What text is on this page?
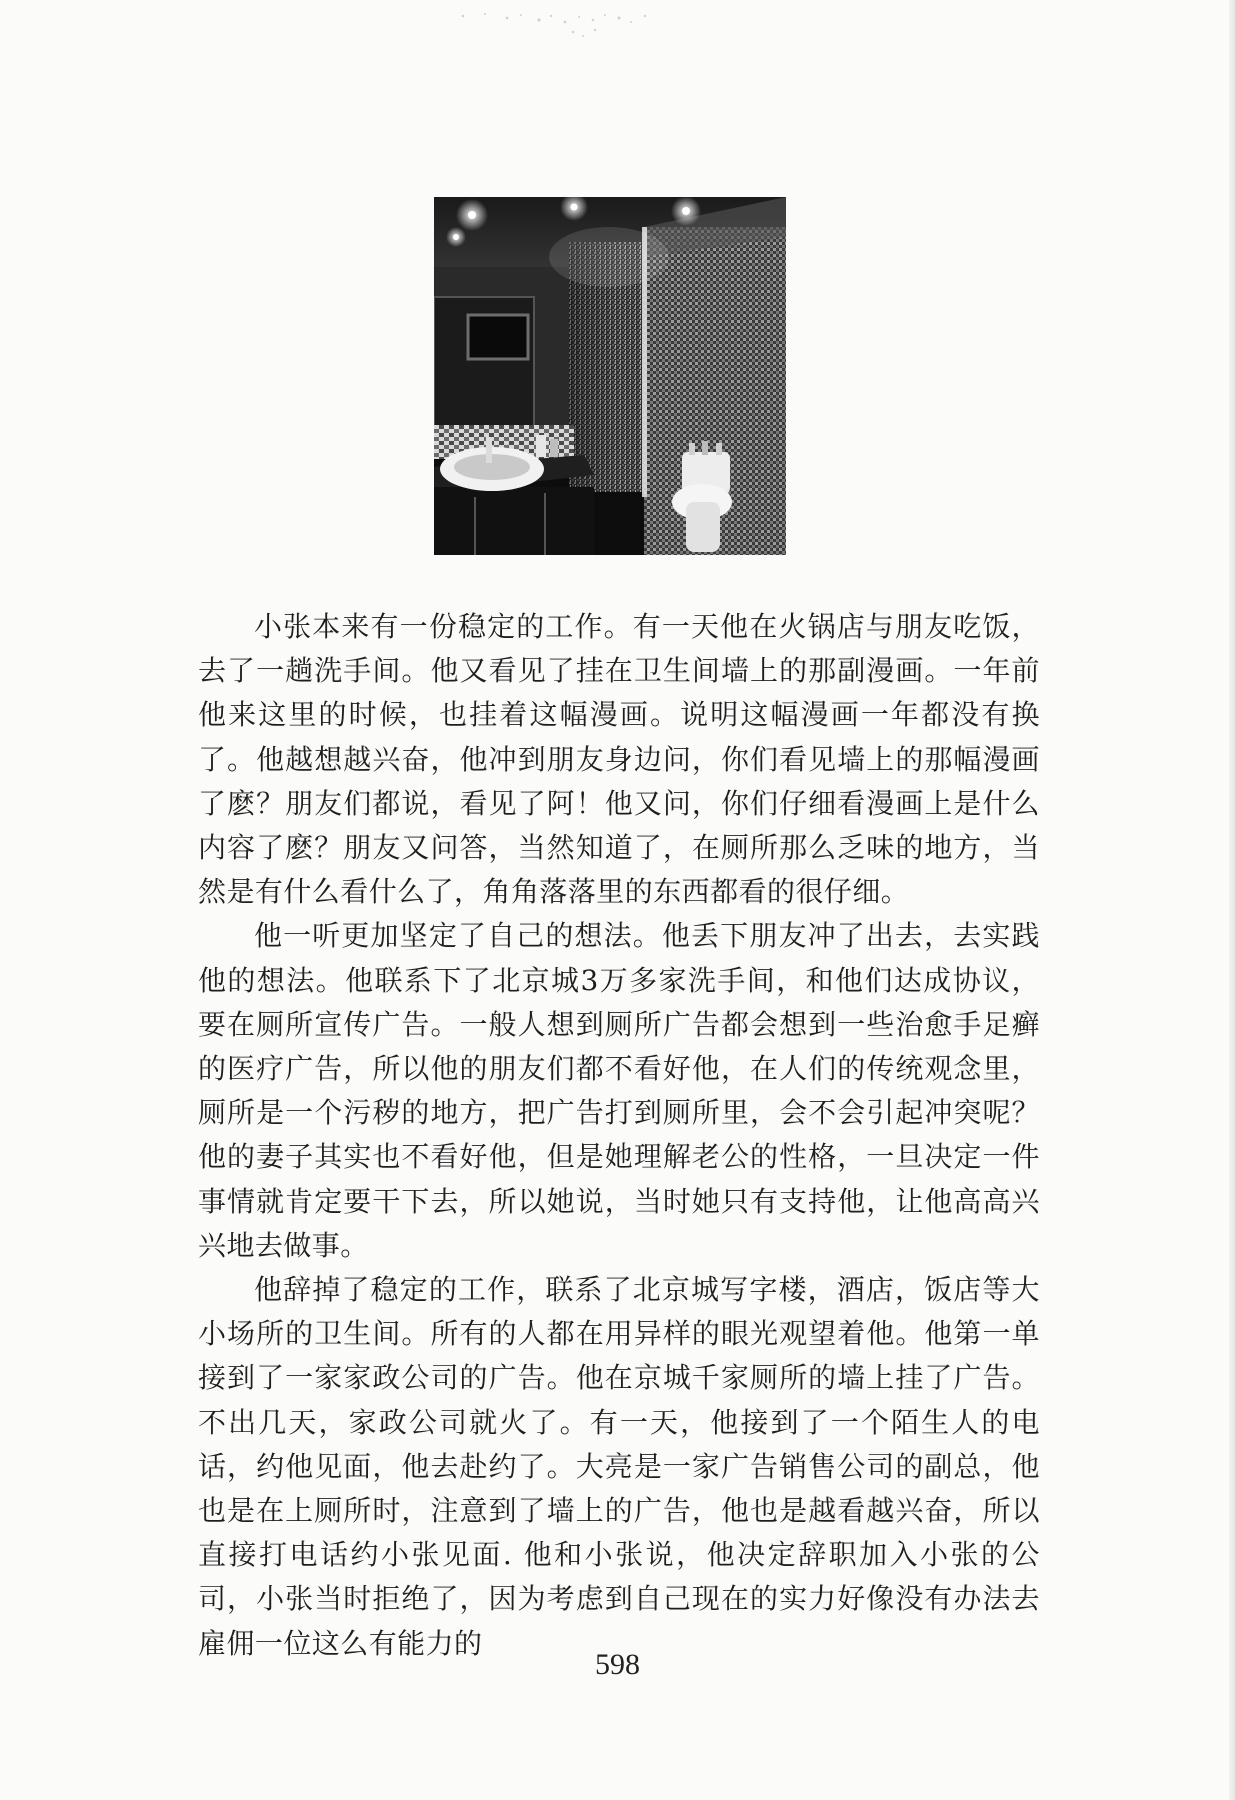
小张本来有一份稳定的工作。有一天他在火锅店与朋友吃饭，去了一趟洗手间。他又看见了挂在卫生间墙上的那副漫画。一年前他来这里的时候，也挂着这幅漫画。说明这幅漫画一年都没有换了。他越想越兴奋，他冲到朋友身边问，你们看见墙上的那幅漫画了麽？朋友们都说，看见了阿！他又问，你们仔细看漫画上是什么内容了麽？朋友又问答，当然知道了，在厕所那么乏味的地方，当然是有什么看什么了，角角落落里的东西都看的很仔细。

他一听更加坚定了自己的想法。他丢下朋友冲了出去，去实践他的想法。他联系下了北京城3万多家洗手间，和他们达成协议，要在厕所宣传广告。一般人想到厕所广告都会想到一些治愈手足癣的医疗广告，所以他的朋友们都不看好他，在人们的传统观念里，厕所是一个污秽的地方，把广告打到厕所里，会不会引起冲突呢？他的妻子其实也不看好他，但是她理解老公的性格，一旦决定一件事情就肯定要干下去，所以她说，当时她只有支持他，让他高高兴兴地去做事。

他辞掉了稳定的工作，联系了北京城写字楼，酒店，饭店等大小场所的卫生间。所有的人都在用异样的眼光观望着他。他第一单接到了一家家政公司的广告。他在京城千家厕所的墙上挂了广告。不出几天，家政公司就火了。有一天，他接到了一个陌生人的电话，约他见面，他去赴约了。大亮是一家广告销售公司的副总，他也是在上厕所时，注意到了墙上的广告，他也是越看越兴奋，所以直接打电话约小张见面. 他和小张说，他决定辞职加入小张的公司，小张当时拒绝了，因为考虑到自己现在的实力好像没有办法去雇佣一位这么有能力的

598
